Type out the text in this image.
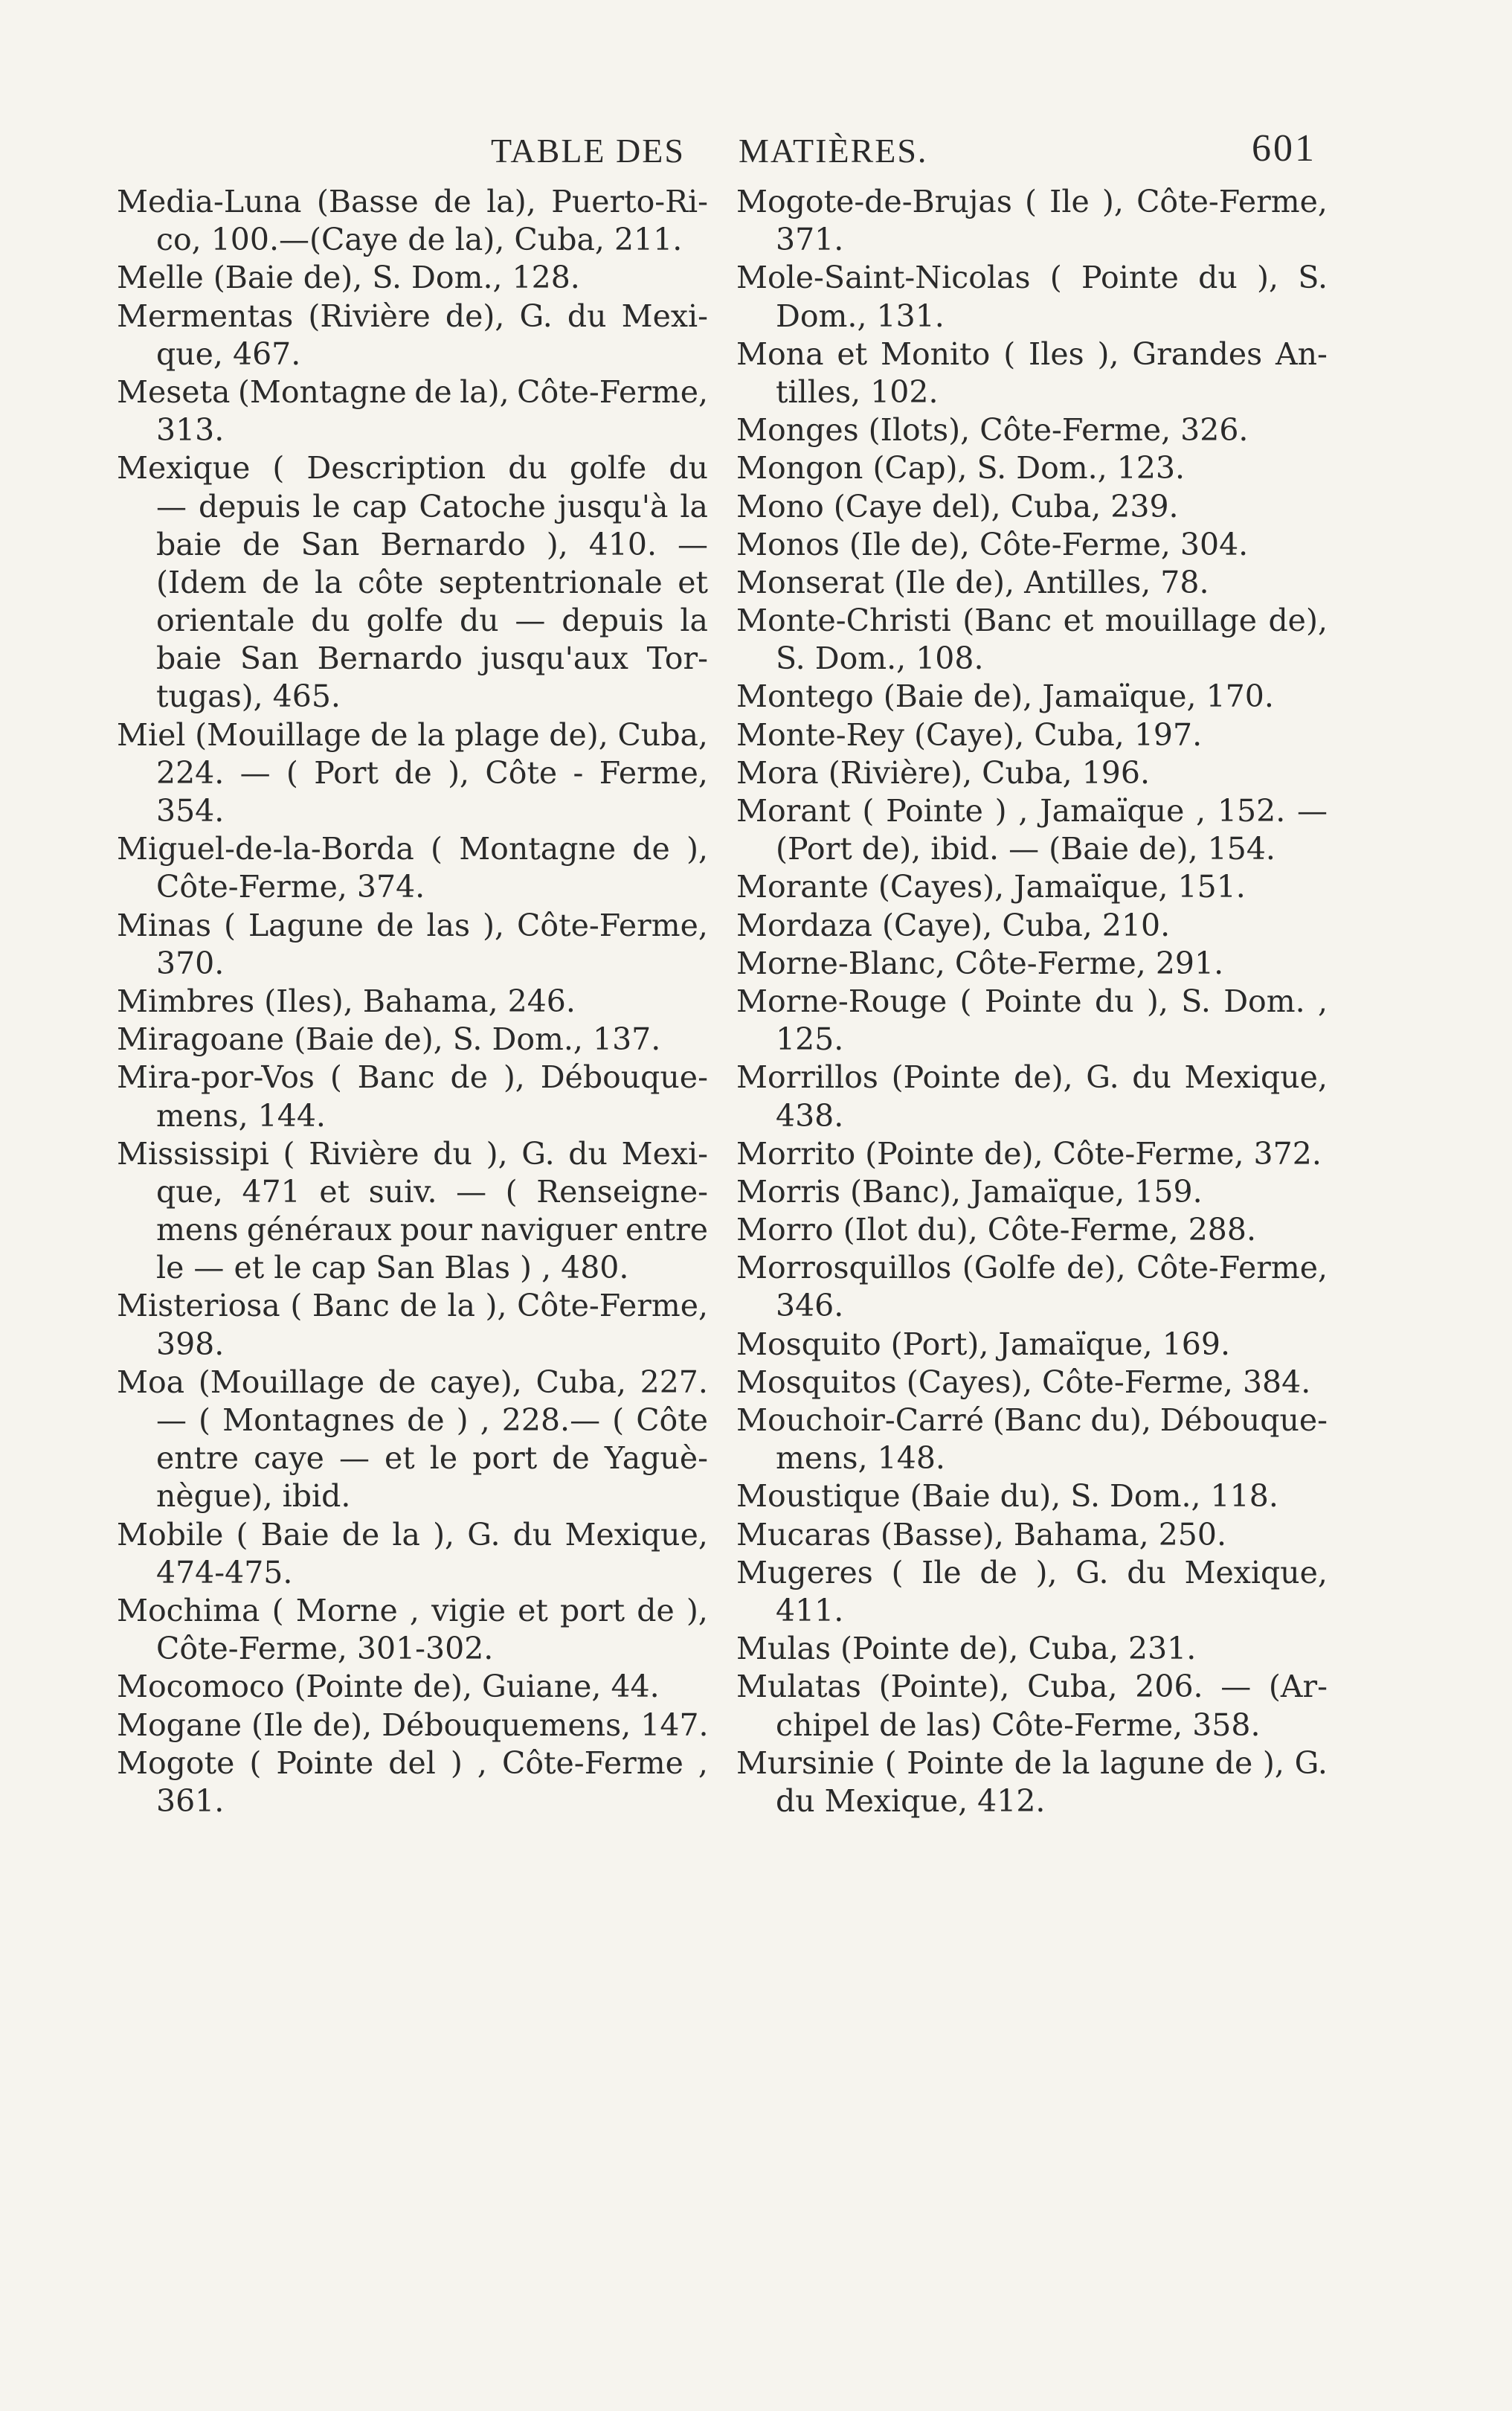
TABLE DES MATIÈRES.	601
Media-Luna (Basse de la), Puerto-Ri-
co, 100.—(Caye de la), Cuba, 211.
Melle (Baie de), S. Dom., 128.
Mermentas (Rivière de), G. du Mexi-
que, 467.
Meseta (Montagne de la), Côte-Ferme,
313.
Mexique ( Description du golfe du
— depuis le cap Catoche jusqu'à la
baie de San Bernardo ), 410. —
(Idem de la côte septentrionale et
orientale du golfe du — depuis la
baie San Bernardo jusqu'aux Tor-
tugas), 465.
Miel (Mouillage de la plage de), Cuba,
224. — ( Port de ), Côte - Ferme,
354.
Miguel-de-la-Borda ( Montagne de ),
Côte-Ferme, 374.
Minas ( Lagune de las ), Côte-Ferme,
370.
Mimbres (Iles), Bahama, 246.
Miragoane (Baie de), S. Dom., 137.
Mira-por-Vos ( Banc de ), Débouque-
mens, 144.
Mississipi ( Rivière du ), G. du Mexi-
que, 471 et suiv. — ( Renseigne-
mens généraux pour naviguer entre
le — et le cap San Blas ) , 480.
Misteriosa ( Banc de la ), Côte-Ferme,
398.
Moa (Mouillage de caye), Cuba, 227.
— ( Montagnes de ) , 228.— ( Côte
entre caye — et le port de Yaguè-
nègue), ibid.
Mobile ( Baie de la ), G. du Mexique,
474-475.
Mochima ( Morne , vigie et port de ),
Côte-Ferme, 301-302.
Mocomoco (Pointe de), Guiane, 44.
Mogane (Ile de), Débouquemens, 147.
Mogote ( Pointe del ) , Côte-Ferme ,
361.
Mogote-de-Brujas ( Ile ), Côte-Ferme,
371.
Mole-Saint-Nicolas ( Pointe du ), S.
Dom., 131.
Mona et Monito ( Iles ), Grandes An-
tilles, 102.
Monges (Ilots), Côte-Ferme, 326.
Mongon (Cap), S. Dom., 123.
Mono (Caye del), Cuba, 239.
Monos (Ile de), Côte-Ferme, 304.
Monserat (Ile de), Antilles, 78.
Monte-Christi (Banc et mouillage de),
S. Dom., 108.
Montego (Baie de), Jamaïque, 170.
Monte-Rey (Caye), Cuba, 197.
Mora (Rivière), Cuba, 196.
Morant ( Pointe ) , Jamaïque , 152. —
(Port de), ibid. — (Baie de), 154.
Morante (Cayes), Jamaïque, 151.
Mordaza (Caye), Cuba, 210.
Morne-Blanc, Côte-Ferme, 291.
Morne-Rouge ( Pointe du ), S. Dom. ,
125.
Morrillos (Pointe de), G. du Mexique,
438.
Morrito (Pointe de), Côte-Ferme, 372.
Morris (Banc), Jamaïque, 159.
Morro (Ilot du), Côte-Ferme, 288.
Morrosquillos (Golfe de), Côte-Ferme,
346.
Mosquito (Port), Jamaïque, 169.
Mosquitos (Cayes), Côte-Ferme, 384.
Mouchoir-Carré (Banc du), Débouque-
mens, 148.
Moustique (Baie du), S. Dom., 118.
Mucaras (Basse), Bahama, 250.
Mugeres ( Ile de ), G. du Mexique,
411.
Mulas (Pointe de), Cuba, 231.
Mulatas (Pointe), Cuba, 206. — (Ar-
chipel de las) Côte-Ferme, 358.
Mursinie ( Pointe de la lagune de ), G.
du Mexique, 412.
